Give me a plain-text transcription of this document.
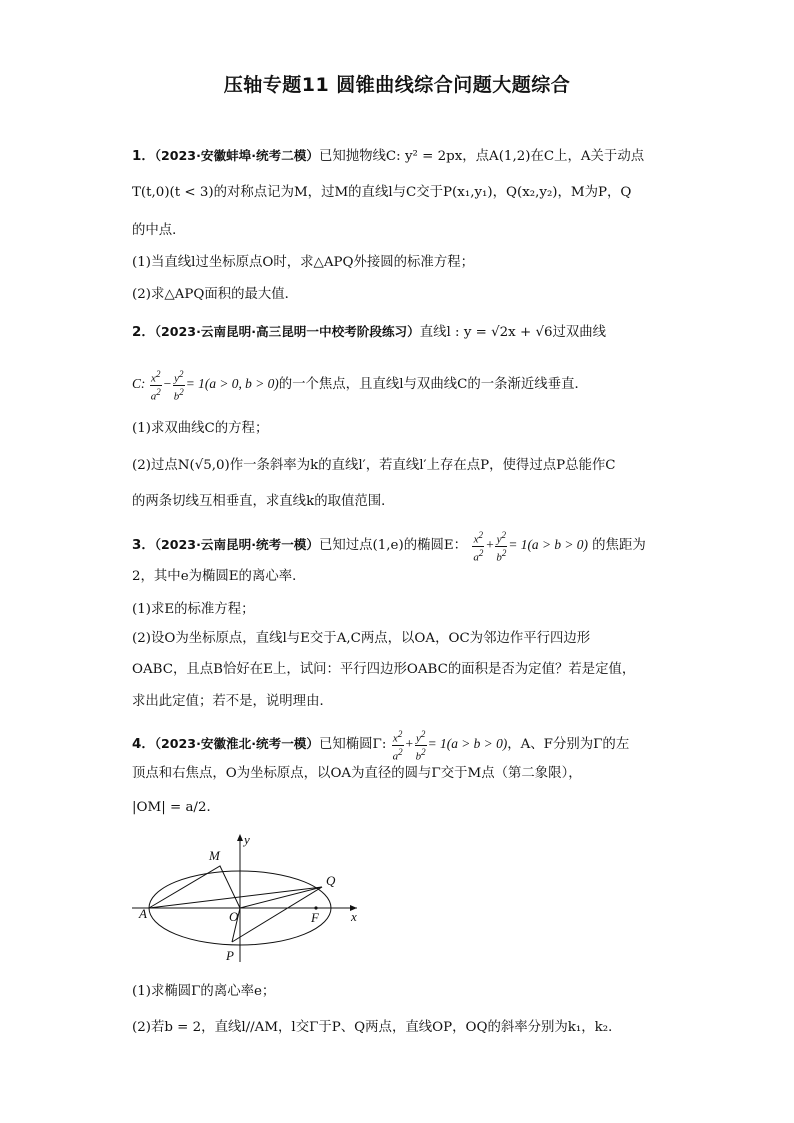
压轴专题11 圆锥曲线综合问题大题综合
1．（2023·安徽蚌埠·统考二模）已知抛物线C: y² = 2px，点A(1,2)在C上，A关于动点
T(t,0)(t < 3)的对称点记为M，过M的直线l与C交于P(x₁,y₁)，Q(x₂,y₂)，M为P，Q
的中点．
(1)当直线l过坐标原点O时，求△APQ外接圆的标准方程；
(2)求△APQ面积的最大值．
2．（2023·云南昆明·高三昆明一中校考阶段练习）直线l : y = √2x + √6过双曲线
C: $\frac{x^2}{a^2} - \frac{y^2}{b^2} = 1(a > 0$, b > 0)的一个焦点，且直线l与双曲线C的一条渐近线垂直．
(1)求双曲线C的方程；
(2)过点N(√5,0)作一条斜率为k的直线l′，若直线l′上存在点P，使得过点P总能作C
的两条切线互相垂直，求直线k的取值范围．
3．（2023·云南昆明·统考一模）已知过点(1,e)的椭圆E： $\frac{x^2}{a^2} + \frac{y^2}{b^2} = 1(a > b > 0)$ 的焦距为
2，其中e为椭圆E的离心率．
(1)求E的标准方程；
(2)设O为坐标原点，直线l与E交于A,C两点，以OA，OC为邻边作平行四边形
OABC，且点B恰好在E上，试问：平行四边形OABC的面积是否为定值？若是定值，
求出此定值；若不是，说明理由．
4．（2023·安徽淮北·统考一模）已知椭圆Γ: $\frac{x^2}{a^2} + \frac{y^2}{b^2} = 1(a > b > 0)$，A、F分别为Γ的左
顶点和右焦点，O为坐标原点，以OA为直径的圆与Γ交于M点（第二象限），
|OM| = a/2．
y
M
Q
A	O	F x
P
(1)求椭圆Γ的离心率e；
(2)若b = 2，直线l//AM，l交Γ于P、Q两点，直线OP，OQ的斜率分别为k₁，k₂．
